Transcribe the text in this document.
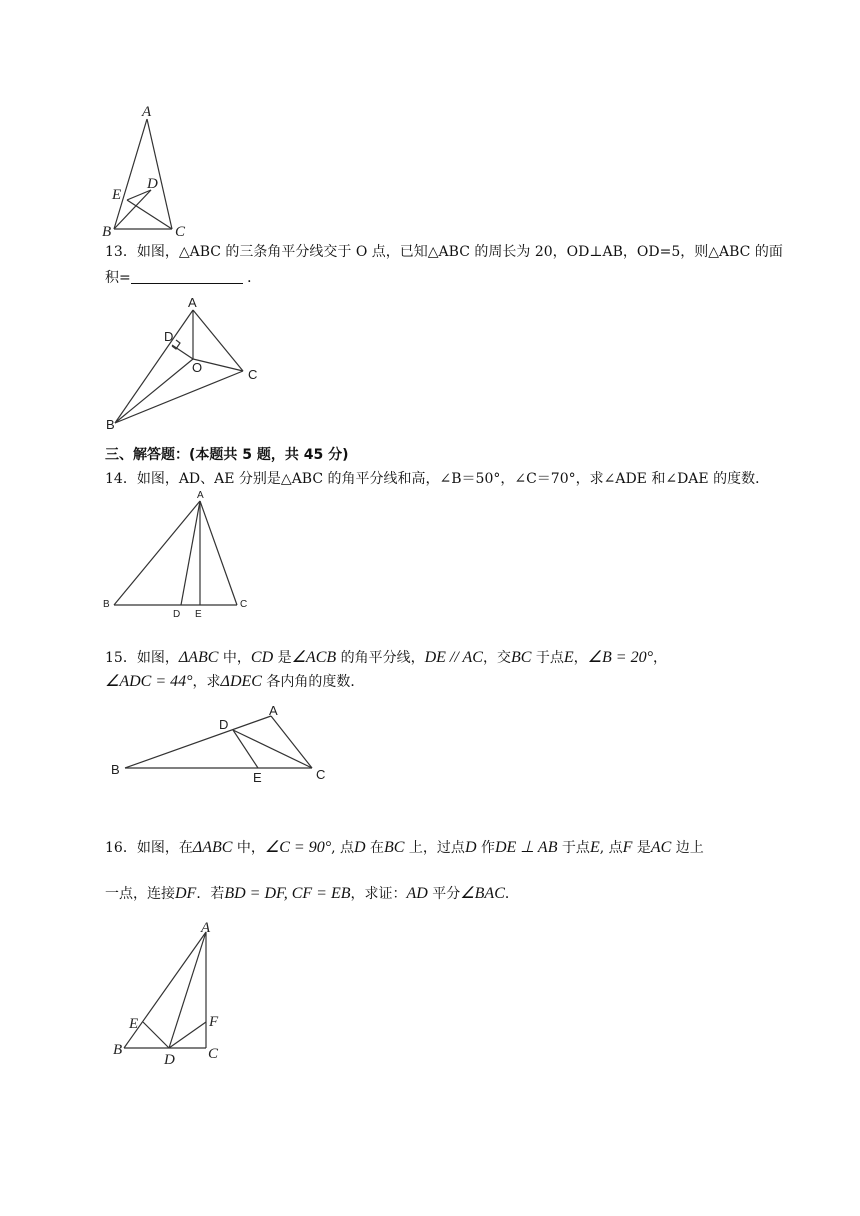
A
E
D
B	C
13．如图，△ABC 的三条角平分线交于 O 点，已知△ABC 的周长为 20，OD⊥AB，OD=5，则△ABC 的面
积=	．
A
D
O	C
B
三、解答题：(本题共 5 题，共 45 分)
14．如图，AD、AE 分别是△ABC 的角平分线和高，∠B＝50°，∠C＝70°，求∠ADE 和∠DAE 的度数．
A
B	C
D E
15．如图，ΔABC 中，CD 是∠ACB 的角平分线，DE // AC，交BC 于点E，∠B = 20°，
∠ADC = 44°，求ΔDEC 各内角的度数．
A
D
B
E	C
16．如图，在ΔABC 中，∠C = 90°, 点D 在BC 上，过点D 作DE ⊥ AB 于点E, 点F 是AC 边上
一点，连接DF．若BD = DF, CF = EB，求证：AD 平分∠BAC．
A
E	F
B
D C
